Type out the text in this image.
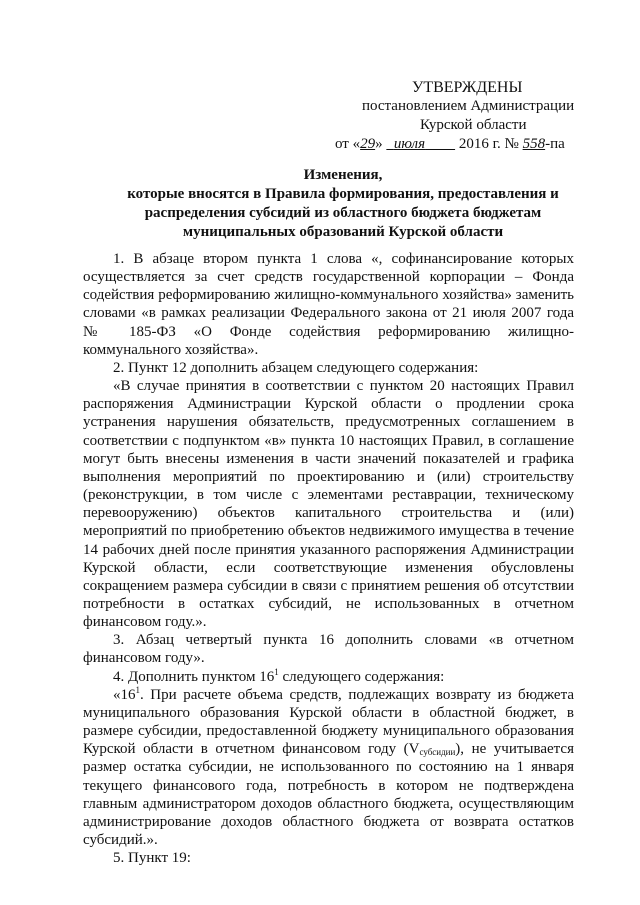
УТВЕРЖДЕНЫ
постановлением Администрации
Курской области
от «29» июля 2016 г. № 558-па
Изменения,
которые вносятся в Правила формирования, предоставления и
распределения субсидий из областного бюджета бюджетам
муниципальных образований Курской области

1. В абзаце втором пункта 1 слова «, софинансирование которых осуществляется за счет средств государственной корпорации – Фонда содействия реформированию жилищно-коммунального хозяйства» заменить словами «в рамках реализации Федерального закона от 21 июля 2007 года № 185-ФЗ «О Фонде содействия реформированию жилищно-коммунального хозяйства».

2. Пункт 12 дополнить абзацем следующего содержания:

«В случае принятия в соответствии с пунктом 20 настоящих Правил распоряжения Администрации Курской области о продлении срока устранения нарушения обязательств, предусмотренных соглашением в соответствии с подпунктом «в» пункта 10 настоящих Правил, в соглашение могут быть внесены изменения в части значений показателей и графика выполнения мероприятий по проектированию и (или) строительству (реконструкции, в том числе с элементами реставрации, техническому перевооружению) объектов капитального строительства и (или) мероприятий по приобретению объектов недвижимого имущества в течение 14 рабочих дней после принятия указанного распоряжения Администрации Курской области, если соответствующие изменения обусловлены сокращением размера субсидии в связи с принятием решения об отсутствии потребности в остатках субсидий, не использованных в отчетном финансовом году.».

3. Абзац четвертый пункта 16 дополнить словами «в отчетном финансовом году».

4. Дополнить пунктом $16^1$ следующего содержания:

«$16^1$. При расчете объема средств, подлежащих возврату из бюджета муниципального образования Курской области в областной бюджет, в размере субсидии, предоставленной бюджету муниципального образования Курской области в отчетном финансовом году $(V_{субсидии})$, не учитывается размер остатка субсидии, не использованного по состоянию на 1 января текущего финансового года, потребность в котором не подтверждена главным администратором доходов областного бюджета, осуществляющим администрирование доходов областного бюджета от возврата остатков субсидий.».

5. Пункт 19:
